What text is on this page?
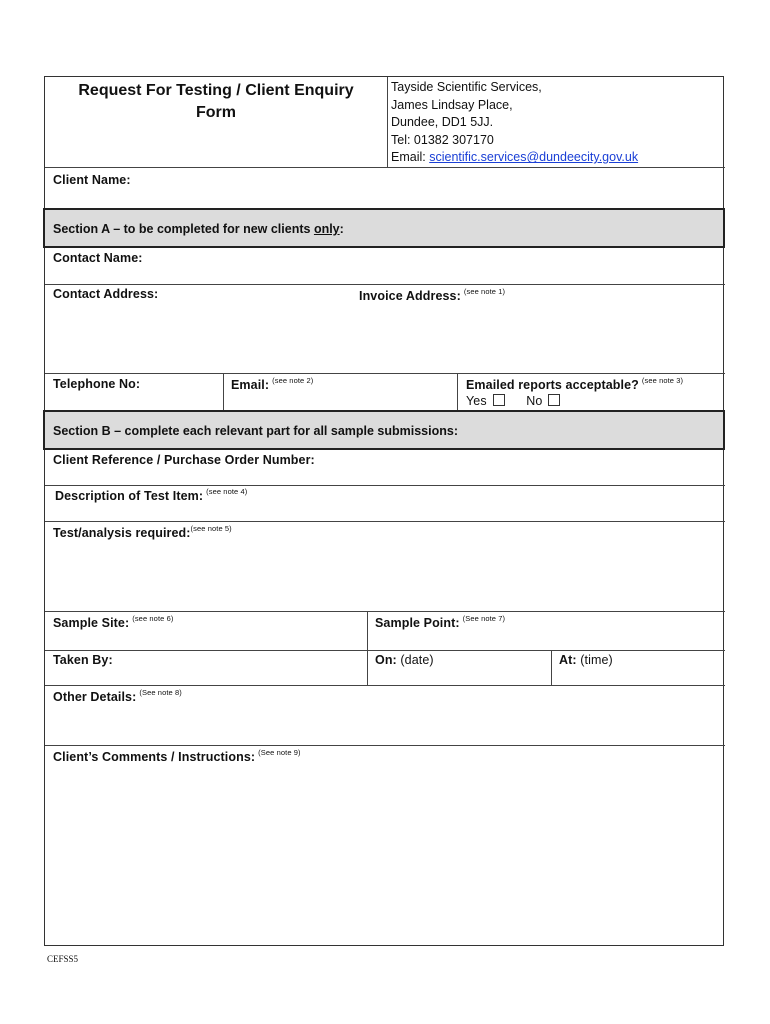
Request For Testing / Client Enquiry
Form
Tayside Scientific Services,
James Lindsay Place,
Dundee, DD1 5JJ.
Tel: 01382 307170
Email: scientific.services@dundeecity.gov.uk
Client Name:
Section A – to be completed for new clients only:
Contact Name:
Contact Address:	Invoice Address: $^{(see note 1)}$
Telephone No:	Email: $^{(see note 2)}$	Emailed reports acceptable? $^{(see note 3)}$
Yes	No
Section B – complete each relevant part for all sample submissions:
Client Reference / Purchase Order Number:
Description of Test Item: $^{(see note 4)}$
Test/analysis required:$^{(see note 5)}$
Sample Site: $^{(see note 6)}$	Sample Point: $^{(See note 7)}$
Taken By:	On: (date)	At: (time)
Other Details: $^{(See note 8)}$
Client’s Comments / Instructions: $^{(See note 9)}$
CEFSS5
